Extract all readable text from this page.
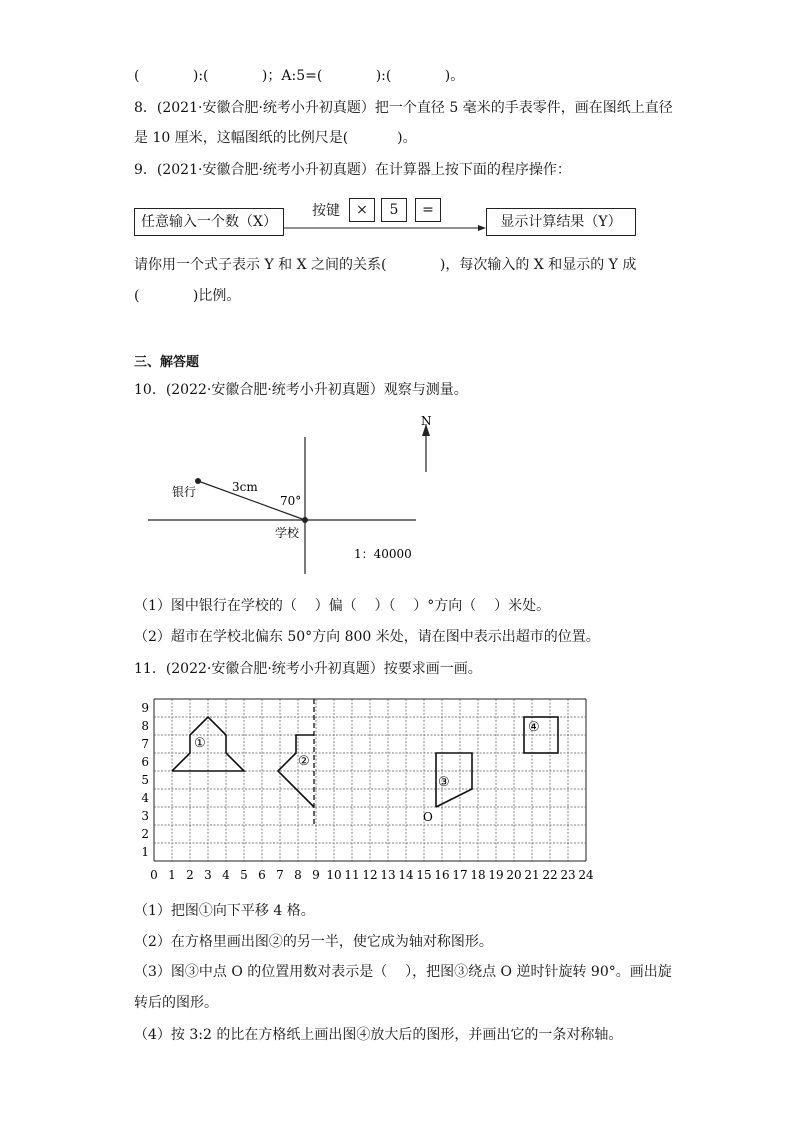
(            ):(            )；A:5=(            ):(            )。
8．(2021·安徽合肥·统考小升初真题）把一个直径 5 毫米的手表零件，画在图纸上直径
是 10 厘米，这幅图纸的比例尺是(           )。
9．(2021·安徽合肥·统考小升初真题）在计算器上按下面的程序操作：
任意输入一个数（X）
按键	×	5	=
显示计算结果（Y）
请你用一个式子表示 Y 和 X 之间的关系(            )，每次输入的 X 和显示的 Y 成
(            )比例。
三、解答题
10．(2022·安徽合肥·统考小升初真题）观察与测量。
N
银行	3cm
70°
学校
1：40000
（1）图中银行在学校的（    ）偏（    ）（    ）°方向（    ）米处。
（2）超市在学校北偏东 50°方向 800 米处，请在图中表示出超市的位置。
11．(2022·安徽合肥·统考小升初真题）按要求画一画。
1
2
3
4
5
6
7
8
9
0 1 2 3 4 5 6 7 8 9 10 11 12 13 14 15 16 17 18 19 20 21 22 23 24
①
②
③
④
O
（1）把图①向下平移 4 格。
（2）在方格里画出图②的另一半，使它成为轴对称图形。
（3）图③中点 O 的位置用数对表示是（    ），把图③绕点 O 逆时针旋转 90°。画出旋
转后的图形。
（4）按 3:2 的比在方格纸上画出图④放大后的图形，并画出它的一条对称轴。
